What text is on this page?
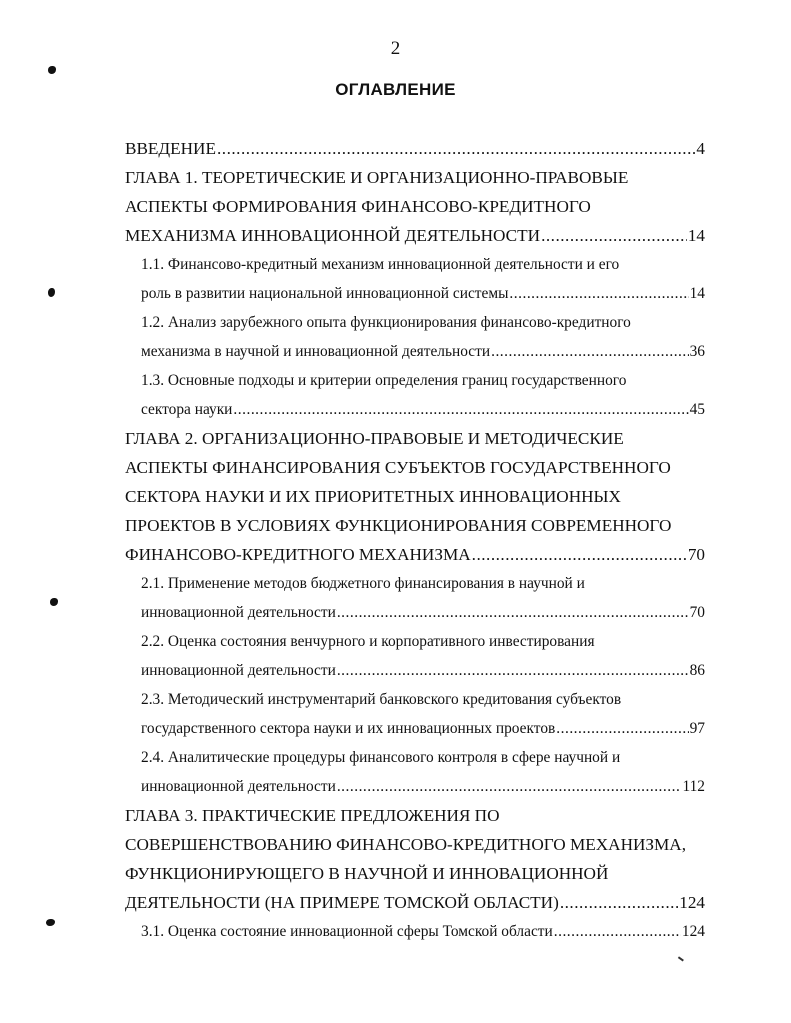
2
ОГЛАВЛЕНИЕ
ВВЕДЕНИЕ .....	4
ГЛАВА 1. ТЕОРЕТИЧЕСКИЕ И ОРГАНИЗАЦИОННО-ПРАВОВЫЕ
АСПЕКТЫ ФОРМИРОВАНИЯ ФИНАНСОВО-КРЕДИТНОГО
МЕХАНИЗМА ИННОВАЦИОННОЙ ДЕЯТЕЛЬНОСТИ .....	14
1.1. Финансово-кредитный механизм инновационной деятельности и его
роль в развитии национальной инновационной системы .....	14
1.2. Анализ зарубежного опыта функционирования финансово-кредитного
механизма в научной и инновационной деятельности .....	36
1.3. Основные подходы и критерии определения границ государственного
сектора науки .....	45
ГЛАВА 2. ОРГАНИЗАЦИОННО-ПРАВОВЫЕ И МЕТОДИЧЕСКИЕ
АСПЕКТЫ ФИНАНСИРОВАНИЯ СУБЪЕКТОВ ГОСУДАРСТВЕННОГО
СЕКТОРА НАУКИ И ИХ ПРИОРИТЕТНЫХ ИННОВАЦИОННЫХ
ПРОЕКТОВ В УСЛОВИЯХ ФУНКЦИОНИРОВАНИЯ СОВРЕМЕННОГО
ФИНАНСОВО-КРЕДИТНОГО МЕХАНИЗМА .....	70
2.1. Применение методов бюджетного финансирования в научной и
инновационной деятельности .....	70
2.2. Оценка состояния венчурного и корпоративного инвестирования
инновационной деятельности .....	86
2.3. Методический инструментарий банковского кредитования субъектов
государственного сектора науки и их инновационных проектов .....	97
2.4. Аналитические процедуры финансового контроля в сфере научной и
инновационной деятельности .....	112
ГЛАВА 3. ПРАКТИЧЕСКИЕ ПРЕДЛОЖЕНИЯ ПО
СОВЕРШЕНСТВОВАНИЮ ФИНАНСОВО-КРЕДИТНОГО МЕХАНИЗМА,
ФУНКЦИОНИРУЮЩЕГО В НАУЧНОЙ И ИННОВАЦИОННОЙ
ДЕЯТЕЛЬНОСТИ (НА ПРИМЕРЕ ТОМСКОЙ ОБЛАСТИ) .....	124
3.1. Оценка состояние инновационной сферы Томской области .....	124
